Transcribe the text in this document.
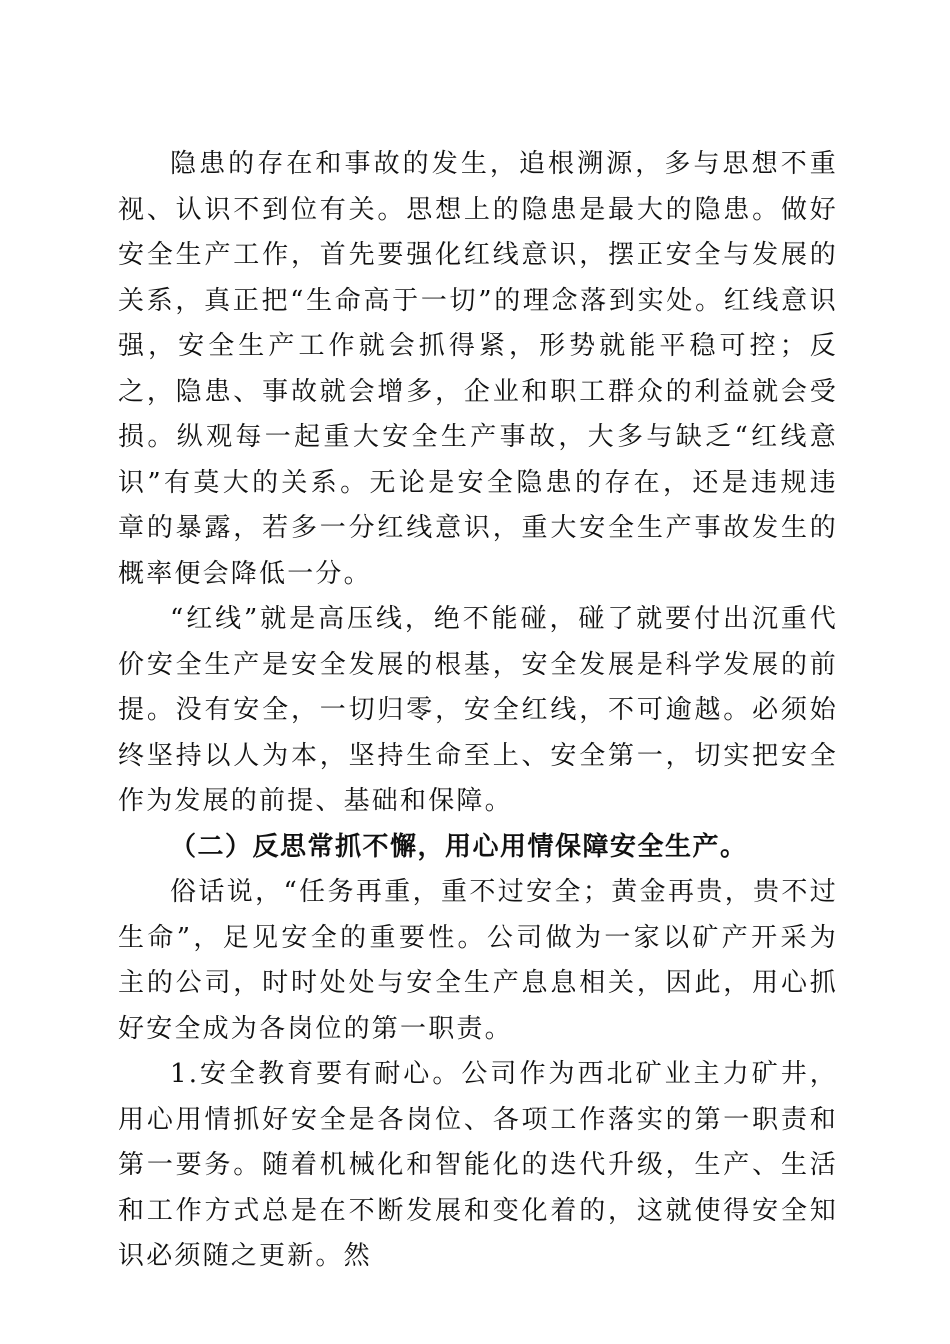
隐患的存在和事故的发生，追根溯源，多与思想不重视、认识不到位有关。思想上的隐患是最大的隐患。做好安全生产工作，首先要强化红线意识，摆正安全与发展的关系，真正把“生命高于一切”的理念落到实处。红线意识强，安全生产工作就会抓得紧，形势就能平稳可控；反之，隐患、事故就会增多，企业和职工群众的利益就会受损。纵观每一起重大安全生产事故，大多与缺乏“红线意识”有莫大的关系。无论是安全隐患的存在，还是违规违章的暴露，若多一分红线意识，重大安全生产事故发生的概率便会降低一分。

“红线”就是高压线，绝不能碰，碰了就要付出沉重代价安全生产是安全发展的根基，安全发展是科学发展的前提。没有安全，一切归零，安全红线，不可逾越。必须始终坚持以人为本，坚持生命至上、安全第一，切实把安全作为发展的前提、基础和保障。

（二）反思常抓不懈，用心用情保障安全生产。

俗话说，“任务再重，重不过安全；黄金再贵，贵不过生命”，足见安全的重要性。公司做为一家以矿产开采为主的公司，时时处处与安全生产息息相关，因此，用心抓好安全成为各岗位的第一职责。

1.安全教育要有耐心。公司作为西北矿业主力矿井，用心用情抓好安全是各岗位、各项工作落实的第一职责和第一要务。随着机械化和智能化的迭代升级，生产、生活和工作方式总是在不断发展和变化着的，这就使得安全知识必须随之更新。然
